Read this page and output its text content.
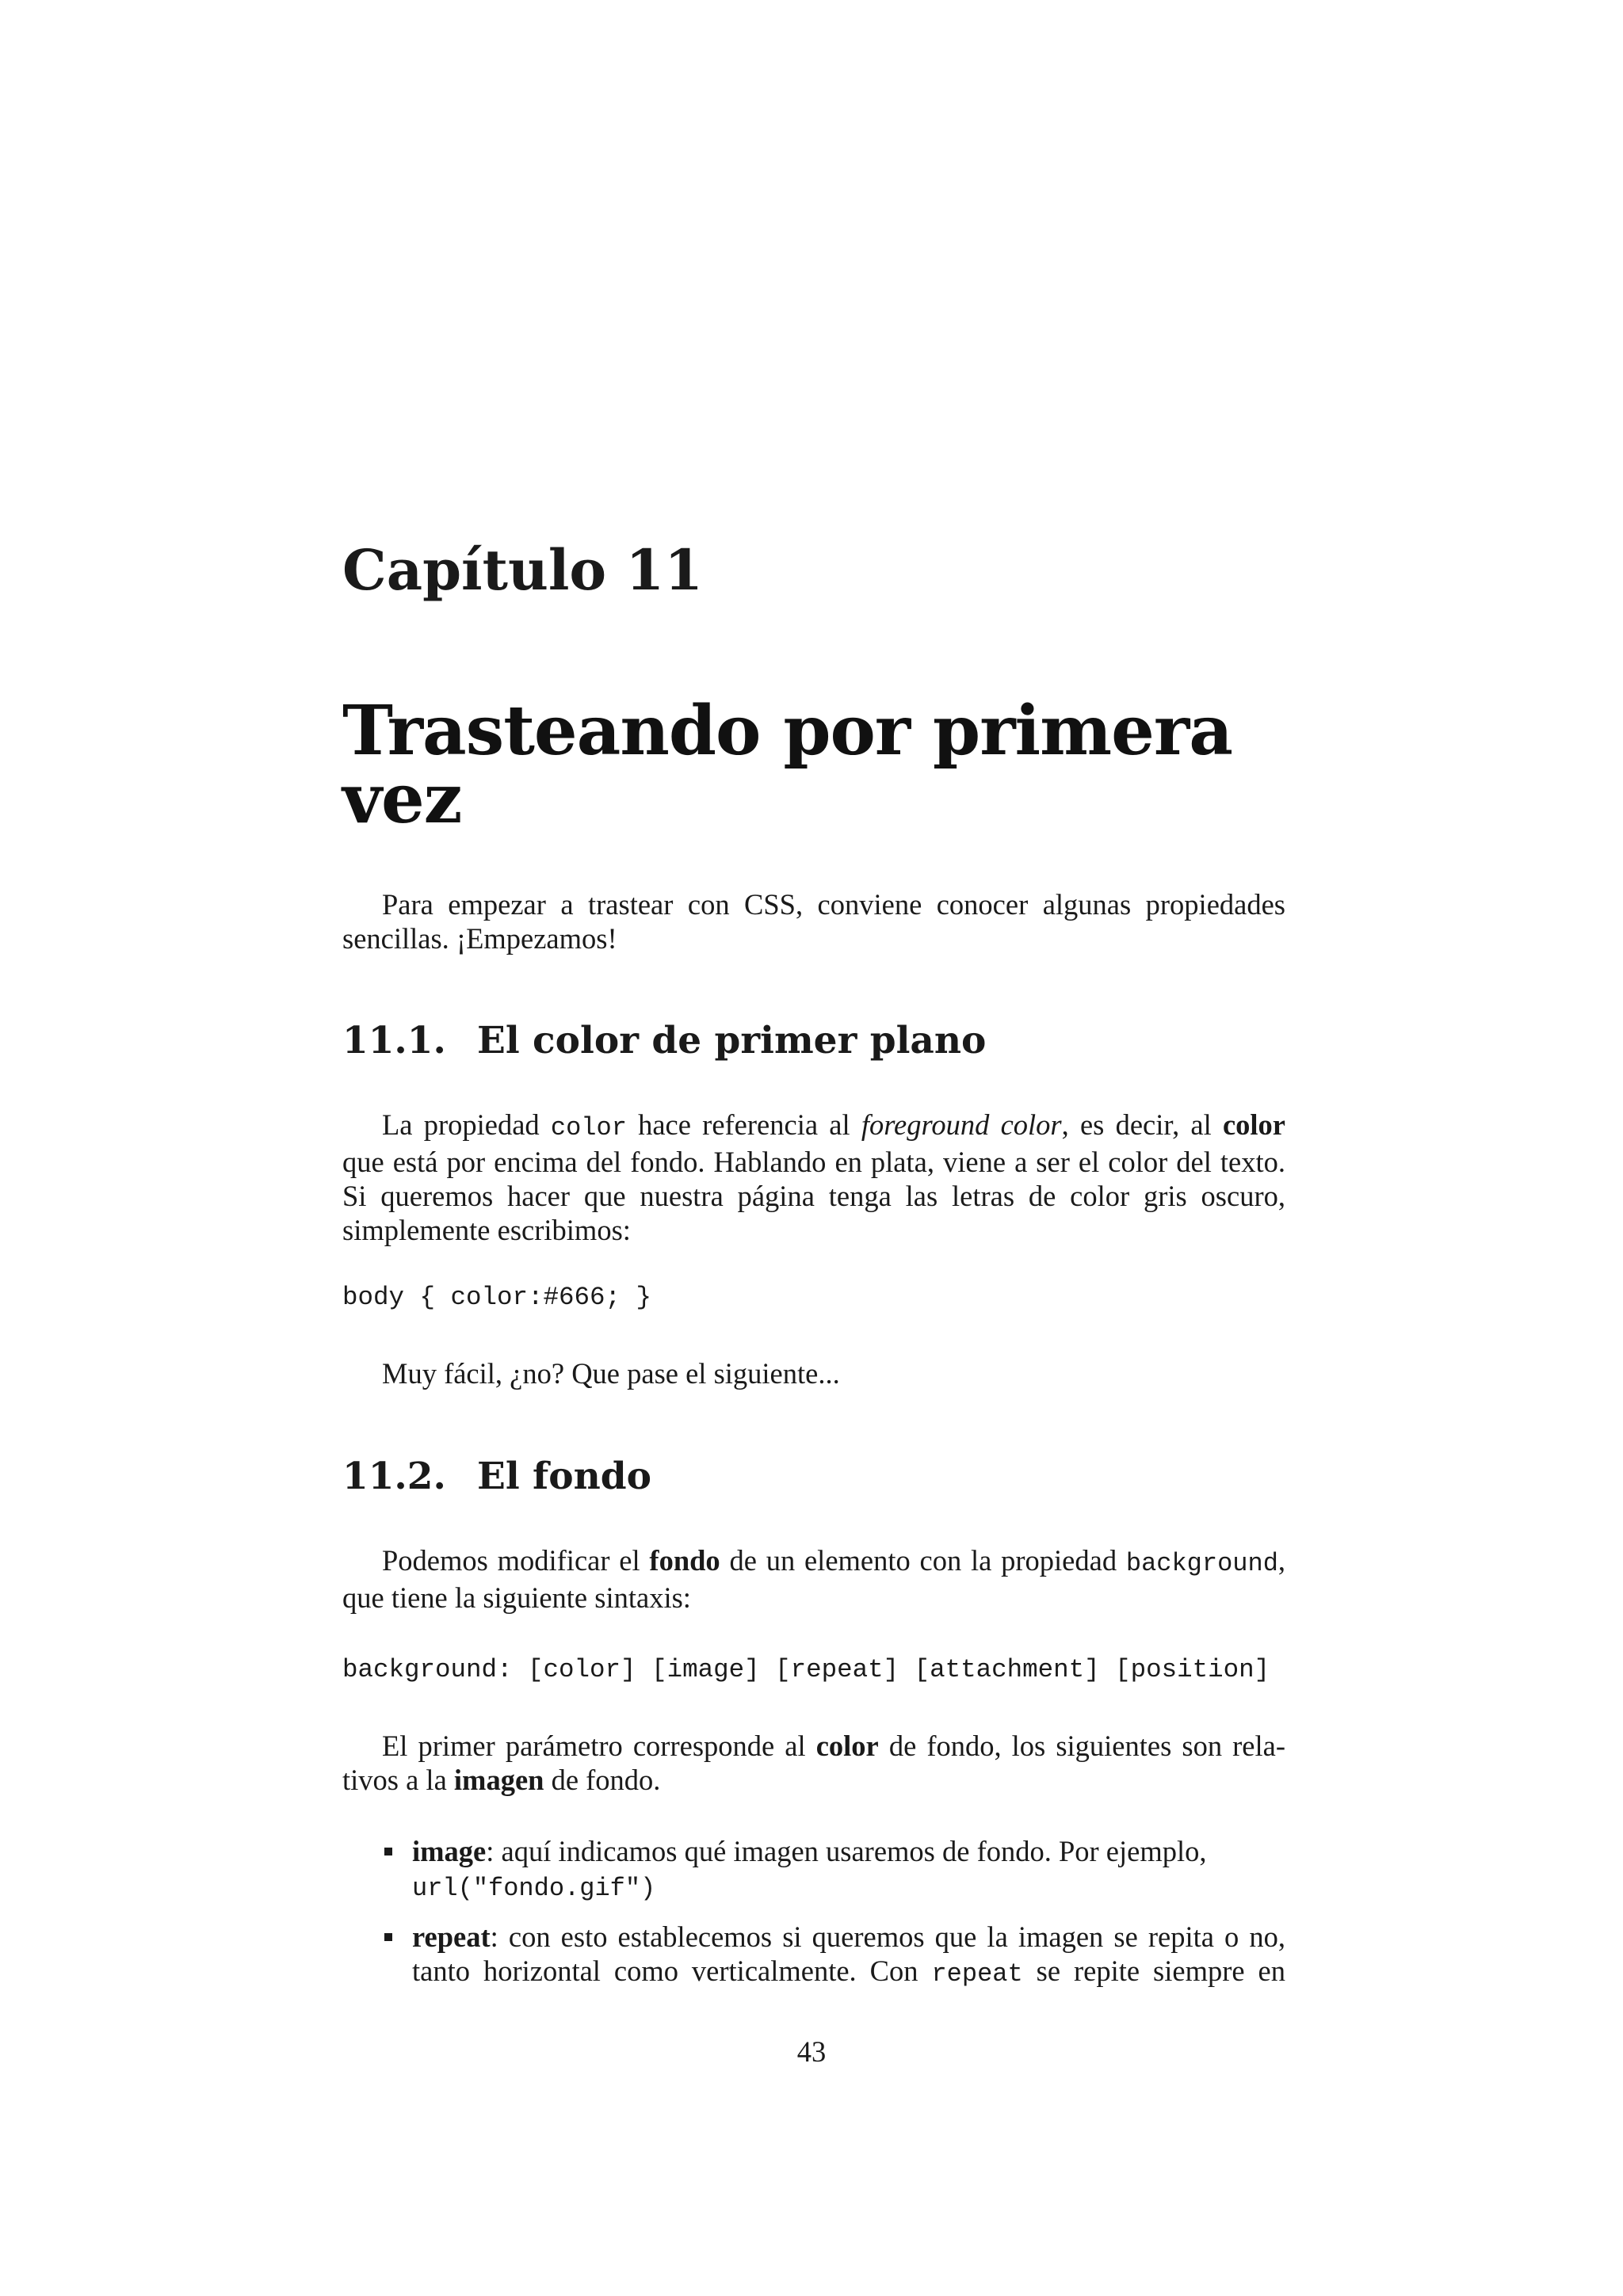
Capítulo 11
Trasteando por primera vez
Para empezar a trastear con CSS, conviene conocer algunas propiedades
sencillas. ¡Empezamos!
11.1. El color de primer plano
La propiedad color hace referencia al foreground color, es decir, al color
que está por encima del fondo. Hablando en plata, viene a ser el color del texto.
Si queremos hacer que nuestra página tenga las letras de color gris oscuro,
simplemente escribimos:
body { color:#666; }
Muy fácil, ¿no? Que pase el siguiente...
11.2. El fondo
Podemos modificar el fondo de un elemento con la propiedad background,
que tiene la siguiente sintaxis:
background: [color] [image] [repeat] [attachment] [position]
El primer parámetro corresponde al color de fondo, los siguientes son rela-
tivos a la imagen de fondo.
image: aquí indicamos qué imagen usaremos de fondo. Por ejemplo,
url("fondo.gif")
repeat: con esto establecemos si queremos que la imagen se repita o no,
tanto horizontal como verticalmente. Con repeat se repite siempre en
43
